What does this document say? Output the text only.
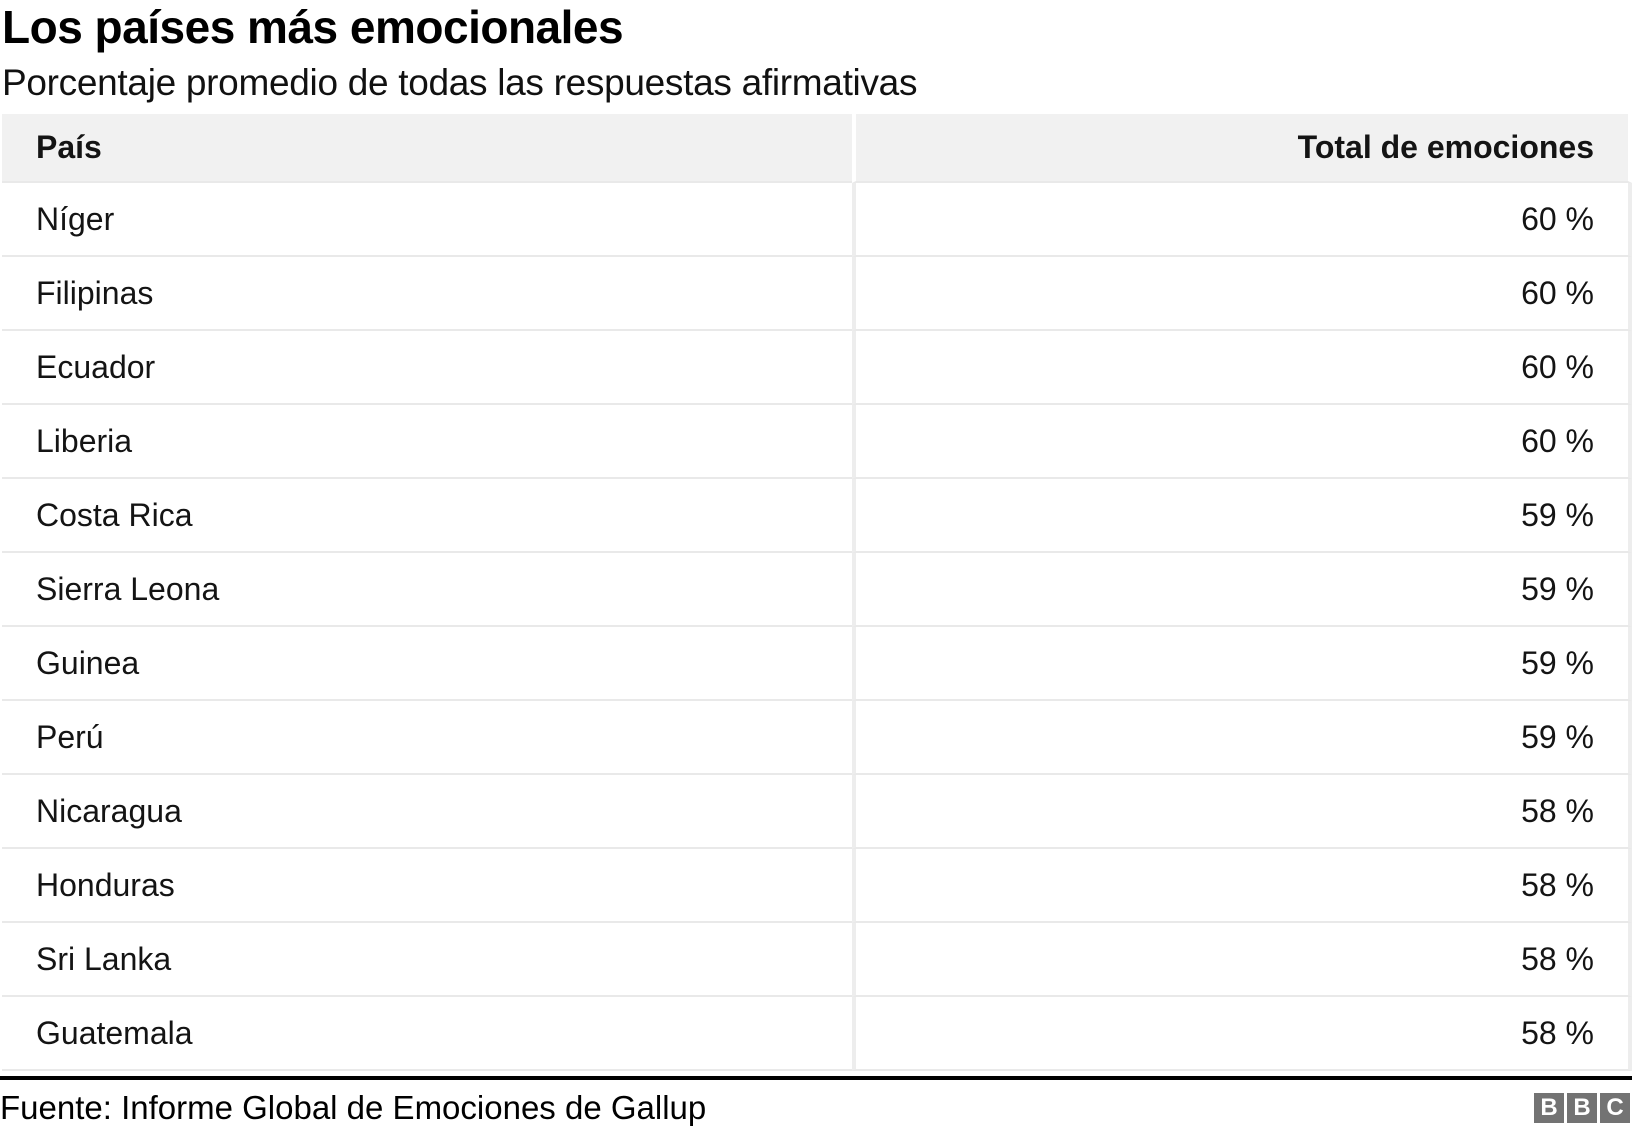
Los países más emocionales
Porcentaje promedio de todas las respuestas afirmativas
País	Total de emociones
Níger	60 %
Filipinas	60 %
Ecuador	60 %
Liberia	60 %
Costa Rica	59 %
Sierra Leona	59 %
Guinea	59 %
Perú	59 %
Nicaragua	58 %
Honduras	58 %
Sri Lanka	58 %
Guatemala	58 %
Fuente: Informe Global de Emociones de Gallup	B B C
